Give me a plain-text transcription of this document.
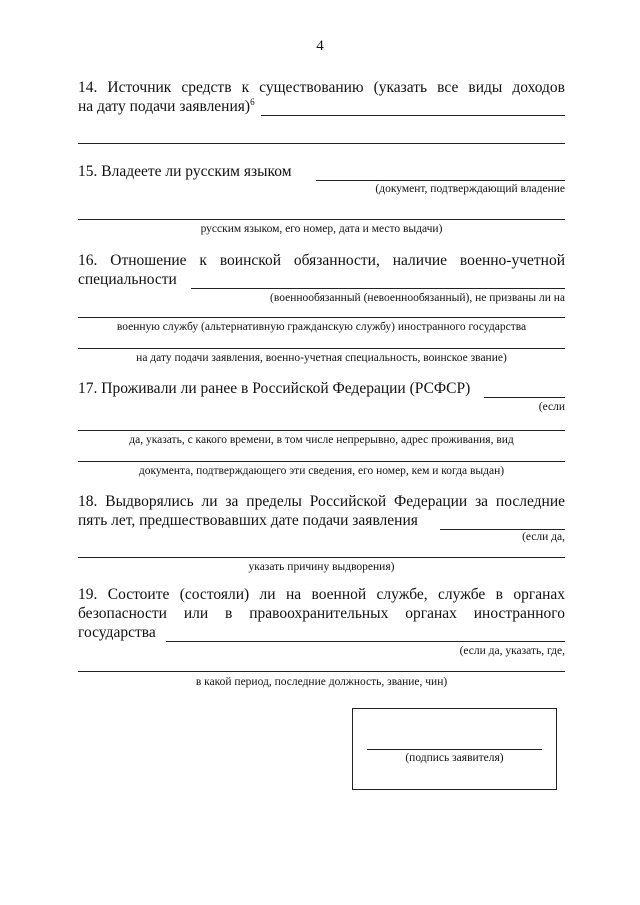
4
14. Источник средств к существованию (указать все виды доходов
на дату подачи заявления)$^6$
15. Владеете ли русским языком
(документ, подтверждающий владение
русским языком, его номер, дата и место выдачи)
16. Отношение к воинской обязанности, наличие военно-учетной
специальности
(военнообязанный (невоеннообязанный), не призваны ли на
военную службу (альтернативную гражданскую службу) иностранного государства
на дату подачи заявления, военно-учетная специальность, воинское звание)
17. Проживали ли ранее в Российской Федерации (РСФСР)
(если
да, указать, с какого времени, в том числе непрерывно, адрес проживания, вид
документа, подтверждающего эти сведения, его номер, кем и когда выдан)
18. Выдворялись ли за пределы Российской Федерации за последние
пять лет, предшествовавших дате подачи заявления
(если да,
указать причину выдворения)
19. Состоите (состояли) ли на военной службе, службе в органах
безопасности или в правоохранительных органах иностранного
государства
(если да, указать, где,
в какой период, последние должность, звание, чин)
(подпись заявителя)
